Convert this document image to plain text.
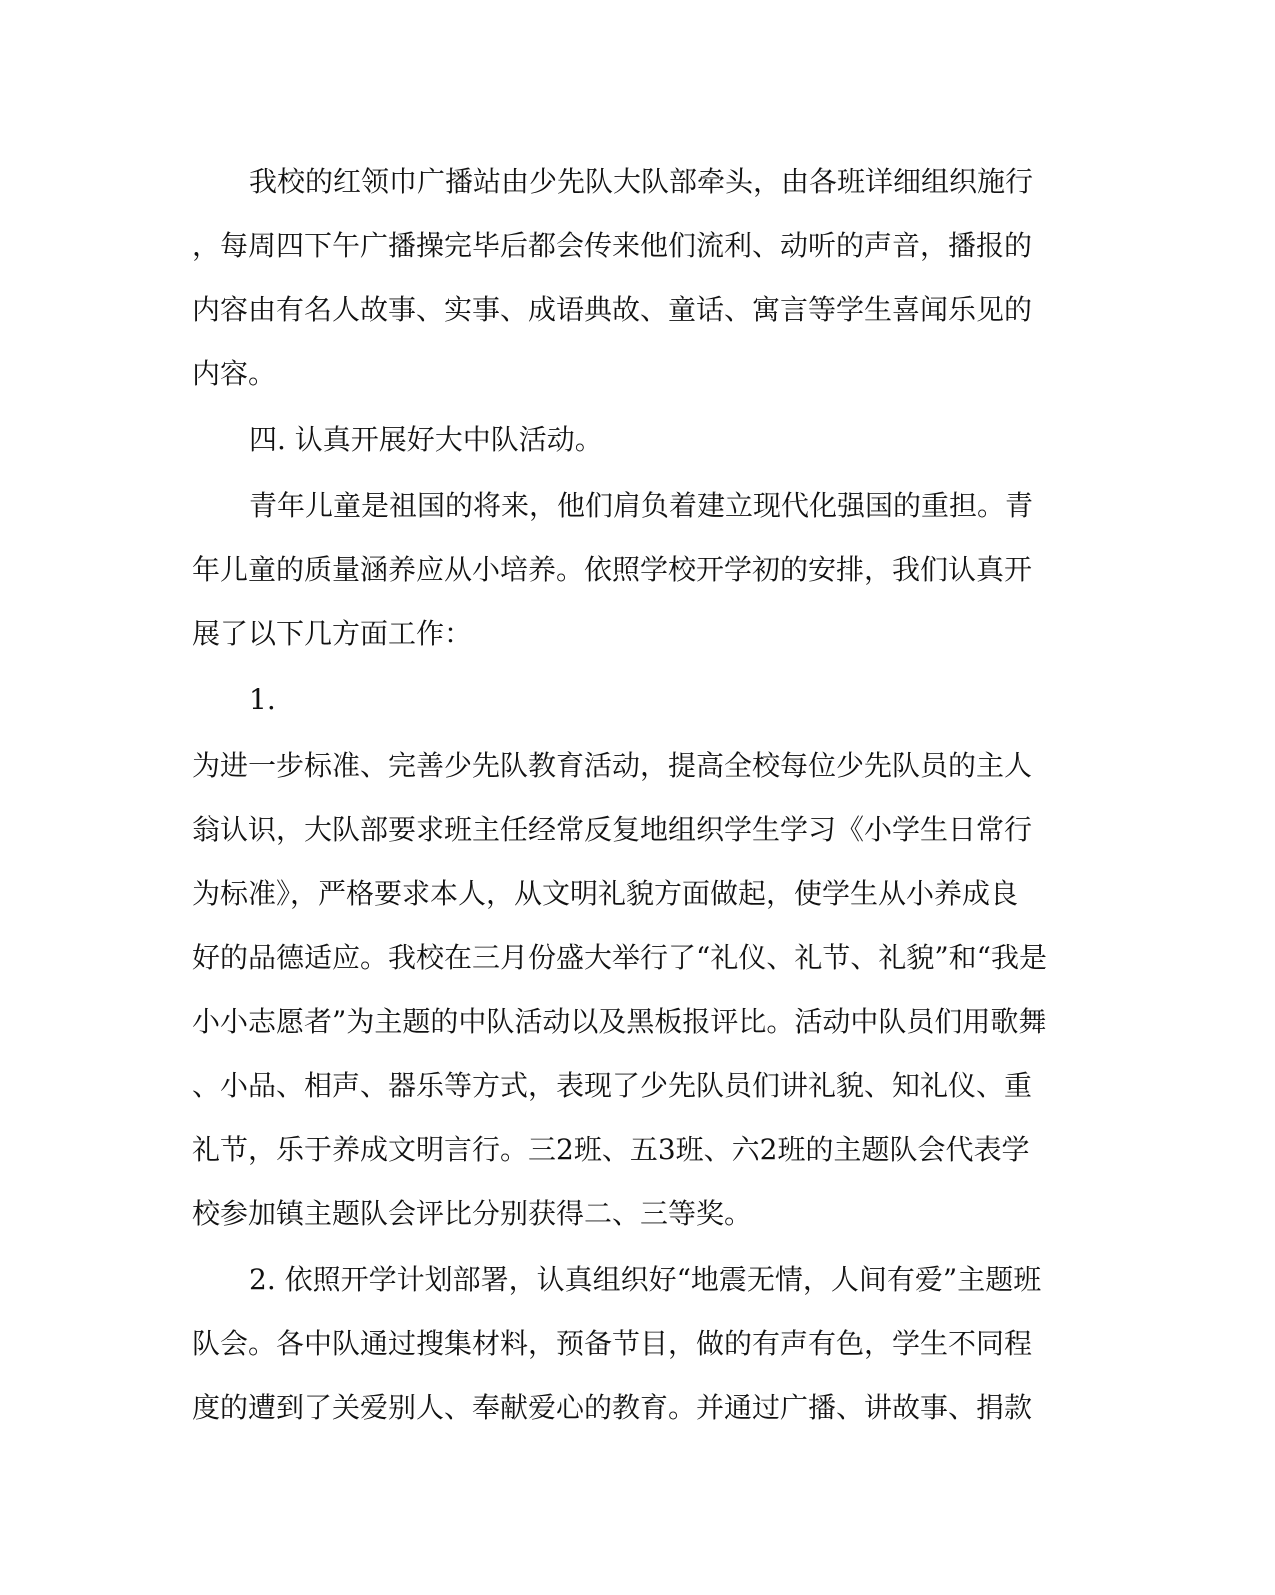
我校的红领巾广播站由少先队大队部牵头，由各班详细组织施行
，每周四下午广播操完毕后都会传来他们流利、动听的声音，播报的
内容由有名人故事、实事、成语典故、童话、寓言等学生喜闻乐见的
内容。
四. 认真开展好大中队活动。
青年儿童是祖国的将来，他们肩负着建立现代化强国的重担。青
年儿童的质量涵养应从小培养。依照学校开学初的安排，我们认真开
展了以下几方面工作：
1.
为进一步标准、完善少先队教育活动，提高全校每位少先队员的主人
翁认识，大队部要求班主任经常反复地组织学生学习《小学生日常行
为标准》，严格要求本人，从文明礼貌方面做起，使学生从小养成良
好的品德适应。我校在三月份盛大举行了“礼仪、礼节、礼貌”和“我是
小小志愿者”为主题的中队活动以及黑板报评比。活动中队员们用歌舞
、小品、相声、器乐等方式，表现了少先队员们讲礼貌、知礼仪、重
礼节，乐于养成文明言行。三2班、五3班、六2班的主题队会代表学
校参加镇主题队会评比分别获得二、三等奖。
2. 依照开学计划部署，认真组织好“地震无情，人间有爱”主题班
队会。各中队通过搜集材料，预备节目，做的有声有色，学生不同程
度的遭到了关爱别人、奉献爱心的教育。并通过广播、讲故事、捐款
